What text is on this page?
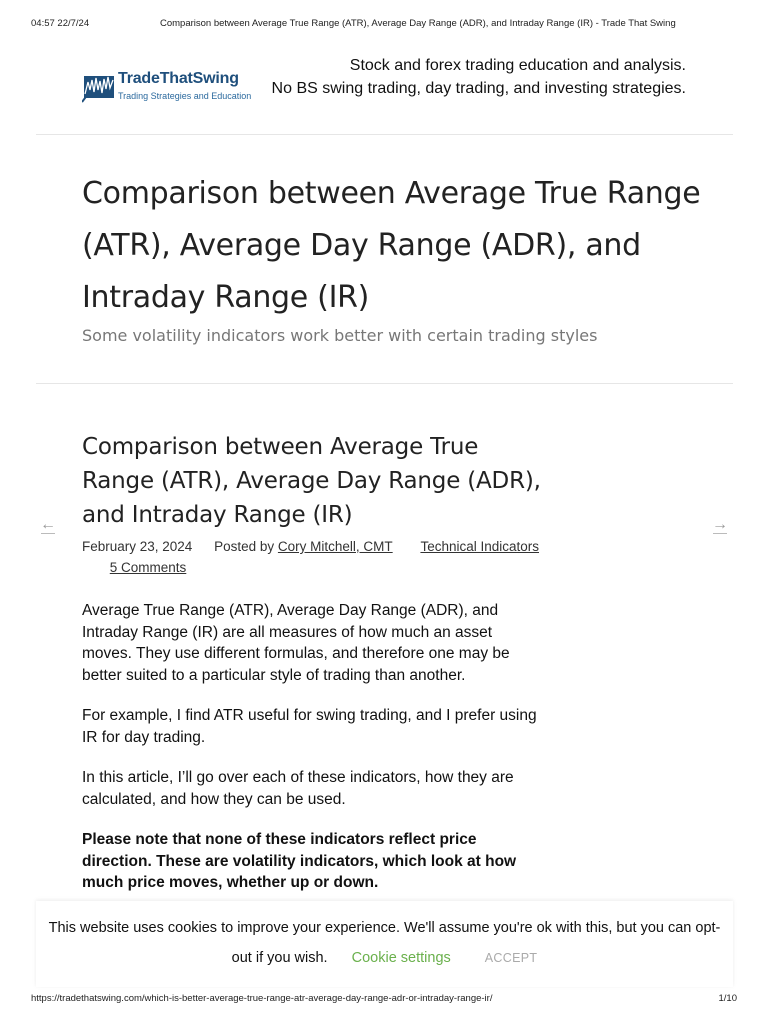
04:57 22/7/24	Comparison between Average True Range (ATR), Average Day Range (ADR), and Intraday Range (IR) - Trade That Swing
TradeThatSwing
Trading Strategies and Education
Stock and forex trading education and analysis.
No BS swing trading, day trading, and investing strategies.
Comparison between Average True Range (ATR), Average Day Range (ADR), and Intraday Range (IR)
Some volatility indicators work better with certain trading styles
←	→
Comparison between Average True Range (ATR), Average Day Range (ADR), and Intraday Range (IR)
February 23, 2024 Posted by Cory Mitchell, CMT Technical Indicators 5 Comments

Average True Range (ATR), Average Day Range (ADR), and Intraday Range (IR) are all measures of how much an asset moves. They use different formulas, and therefore one may be better suited to a particular style of trading than another.

For example, I find ATR useful for swing trading, and I prefer using IR for day trading.

In this article, I’ll go over each of these indicators, how they are calculated, and how they can be used.

Please note that none of these indicators reflect price direction. These are volatility indicators, which look at how much price moves, whether up or down.

This website uses cookies to improve your experience. We'll assume you're ok with this, but you can opt-out if you wish. Cookie settings	ACCEPT
https://tradethatswing.com/which-is-better-average-true-range-atr-average-day-range-adr-or-intraday-range-ir/	1/10
